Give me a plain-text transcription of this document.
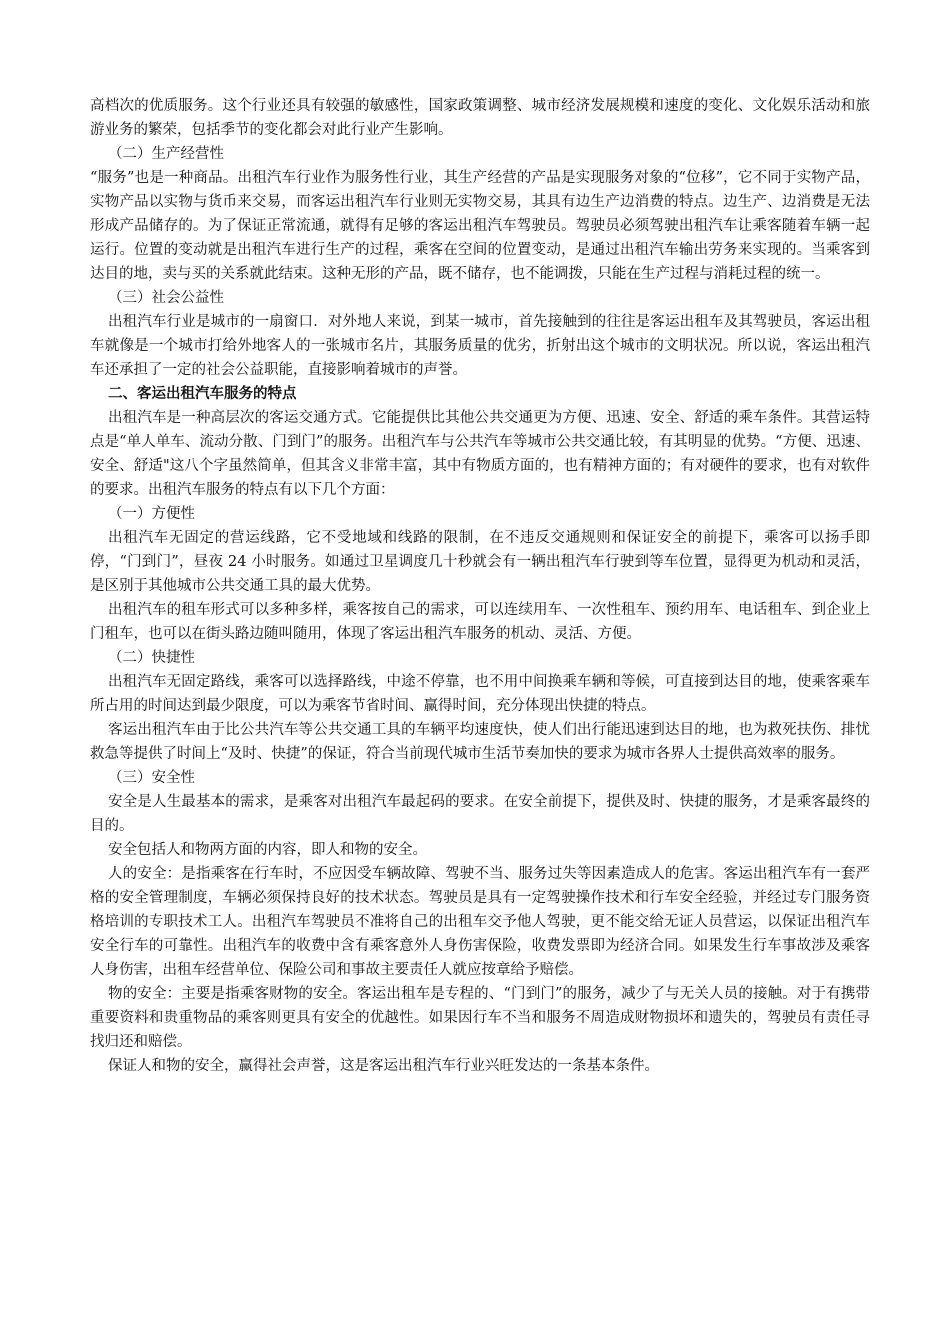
高档次的优质服务。这个行业还具有较强的敏感性，国家政策调整、城市经济发展规模和速度的变化、文化娱乐活动和旅游业务的繁荣，包括季节的变化都会对此行业产生影响。

（二）生产经营性

“服务”也是一种商品。出租汽车行业作为服务性行业，其生产经营的产品是实现服务对象的“位移”，它不同于实物产品，实物产品以实物与货币来交易，而客运出租汽车行业则无实物交易，其具有边生产边消费的特点。边生产、边消费是无法形成产品储存的。为了保证正常流通，就得有足够的客运出租汽车驾驶员。驾驶员必须驾驶出租汽车让乘客随着车辆一起运行。位置的变动就是出租汽车进行生产的过程，乘客在空间的位置变动，是通过出租汽车输出劳务来实现的。当乘客到达目的地，卖与买的关系就此结束。这种无形的产品，既不储存，也不能调拨，只能在生产过程与消耗过程的统一。

（三）社会公益性

出租汽车行业是城市的一扇窗口．对外地人来说，到某一城市，首先接触到的往往是客运出租车及其驾驶员，客运出租车就像是一个城市打给外地客人的一张城市名片，其服务质量的优劣，折射出这个城市的文明状况。所以说，客运出租汽车还承担了一定的社会公益职能，直接影响着城市的声誉。

二、客运出租汽车服务的特点

出租汽车是一种高层次的客运交通方式。它能提供比其他公共交通更为方便、迅速、安全、舒适的乘车条件。其营运特点是“单人单车、流动分散、门到门”的服务。出租汽车与公共汽车等城市公共交通比较，有其明显的优势。“方便、迅速、安全、舒适"这八个字虽然简单，但其含义非常丰富，其中有物质方面的，也有精神方面的；有对硬件的要求，也有对软件的要求。出租汽车服务的特点有以下几个方面：

（一）方便性

出租汽车无固定的营运线路，它不受地域和线路的限制，在不违反交通规则和保证安全的前提下，乘客可以扬手即停，“门到门”，昼夜 24 小时服务。如通过卫星调度几十秒就会有一辆出租汽车行驶到等车位置，显得更为机动和灵活，是区别于其他城市公共交通工具的最大优势。

出租汽车的租车形式可以多种多样，乘客按自己的需求，可以连续用车、一次性租车、预约用车、电话租车、到企业上门租车，也可以在街头路边随叫随用，体现了客运出租汽车服务的机动、灵活、方便。

（二）快捷性

出租汽车无固定路线，乘客可以选择路线，中途不停靠，也不用中间换乘车辆和等候，可直接到达目的地，使乘客乘车所占用的时间达到最少限度，可以为乘客节省时间、赢得时间，充分体现出快捷的特点。

客运出租汽车由于比公共汽车等公共交通工具的车辆平均速度快，使人们出行能迅速到达目的地，也为救死扶伤、排忧救急等提供了时间上“及时、快捷”的保证，符合当前现代城市生活节奏加快的要求为城市各界人士提供高效率的服务。

（三）安全性

安全是人生最基本的需求，是乘客对出租汽车最起码的要求。在安全前提下，提供及时、快捷的服务，才是乘客最终的目的。

安全包括人和物两方面的内容，即人和物的安全。

人的安全：是指乘客在行车时，不应因受车辆故障、驾驶不当、服务过失等因素造成人的危害。客运出租汽车有一套严格的安全管理制度，车辆必须保持良好的技术状态。驾驶员是具有一定驾驶操作技术和行车安全经验，并经过专门服务资格培训的专职技术工人。出租汽车驾驶员不准将自己的出租车交予他人驾驶，更不能交给无证人员营运，以保证出租汽车安全行车的可靠性。出租汽车的收费中含有乘客意外人身伤害保险，收费发票即为经济合同。如果发生行车事故涉及乘客人身伤害，出租车经营单位、保险公司和事故主要责任人就应按章给予赔偿。

物的安全：主要是指乘客财物的安全。客运出租车是专程的、“门到门”的服务，减少了与无关人员的接触。对于有携带重要资料和贵重物品的乘客则更具有安全的优越性。如果因行车不当和服务不周造成财物损坏和遗失的，驾驶员有责任寻找归还和赔偿。

保证人和物的安全，赢得社会声誉，这是客运出租汽车行业兴旺发达的一条基本条件。
